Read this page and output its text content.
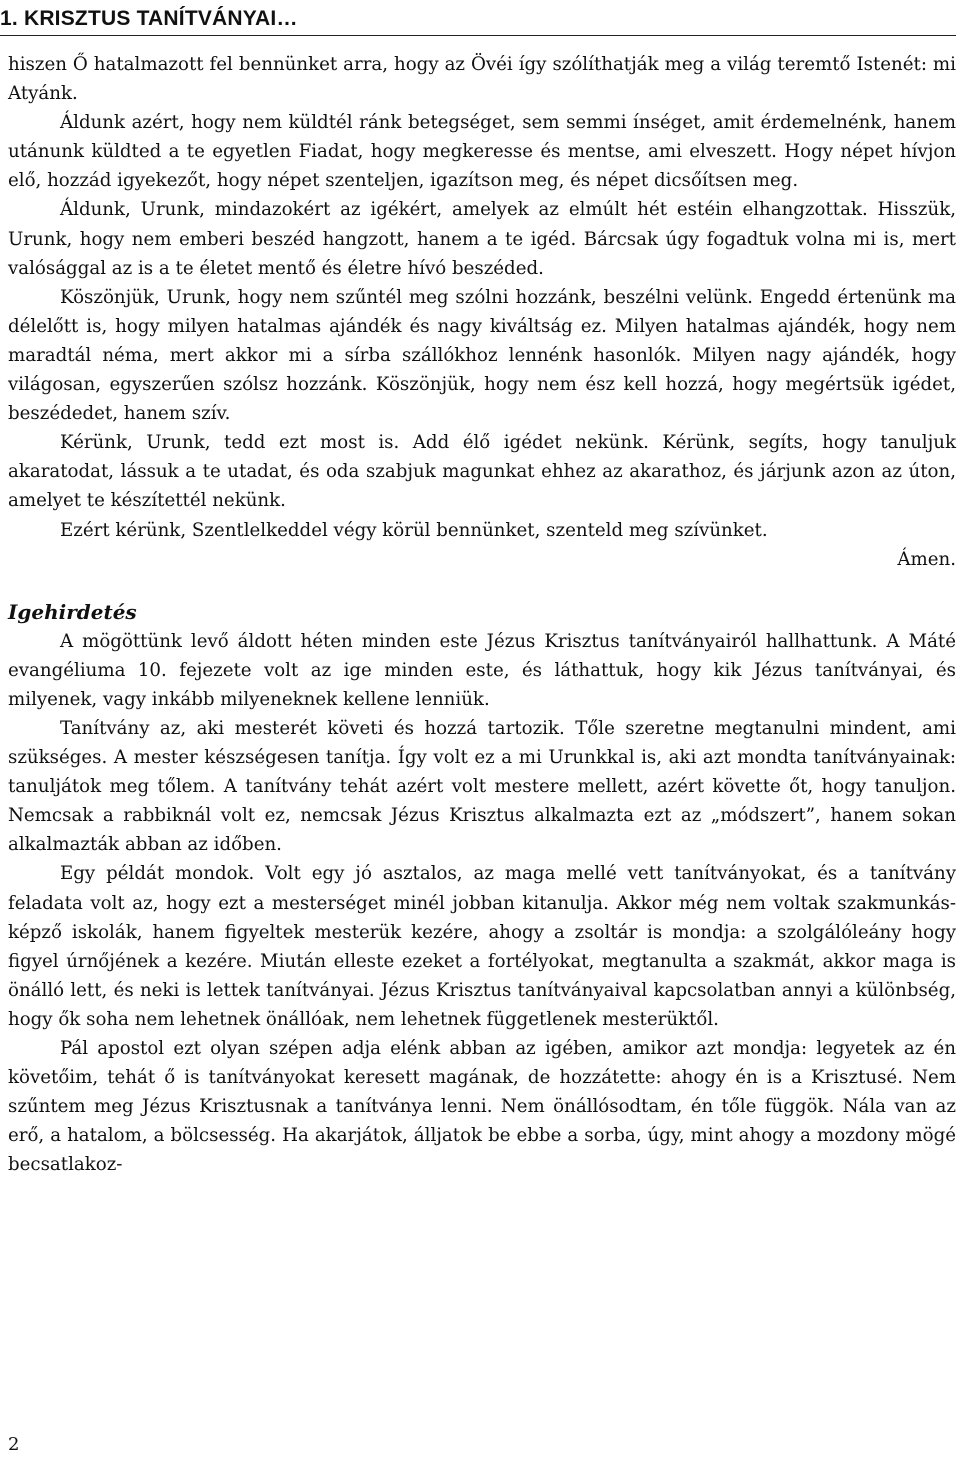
1. KRISZTUS TANÍTVÁNYAI…

hiszen Ő hatalmazott fel bennünket arra, hogy az Övéi így szólíthatják meg a világ teremtő Istenét: mi Atyánk.

Áldunk azért, hogy nem küldtél ránk betegséget, sem semmi ínséget, amit érdemelnénk, hanem utánunk küldted a te egyetlen Fiadat, hogy megkeresse és mentse, ami elveszett. Hogy népet hívjon elő, hozzád igyekezőt, hogy népet szenteljen, igazítson meg, és népet dicsőítsen meg.

Áldunk, Urunk, mindazokért az igékért, amelyek az elmúlt hét estéin elhangzottak. Hisszük, Urunk, hogy nem emberi beszéd hangzott, hanem a te igéd. Bárcsak úgy fogadtuk volna mi is, mert valósággal az is a te életet mentő és életre hívó beszéded.

Köszönjük, Urunk, hogy nem szűntél meg szólni hozzánk, beszélni velünk. Engedd értenünk ma délelőtt is, hogy milyen hatalmas ajándék és nagy kiváltság ez. Milyen hatalmas ajándék, hogy nem maradtál néma, mert akkor mi a sírba szállókhoz lennénk hasonlók. Milyen nagy ajándék, hogy világosan, egyszerűen szólsz hozzánk. Köszönjük, hogy nem ész kell hozzá, hogy megértsük igédet, beszédedet, hanem szív.

Kérünk, Urunk, tedd ezt most is. Add élő igédet nekünk. Kérünk, segíts, hogy tanuljuk akaratodat, lássuk a te utadat, és oda szabjuk magunkat ehhez az akarathoz, és járjunk azon az úton, amelyet te készítettél nekünk.

Ezért kérünk, Szentlelkeddel végy körül bennünket, szenteld meg szívünket.

Ámen.

Igehirdetés

A mögöttünk levő áldott héten minden este Jézus Krisztus tanítványairól hallhattunk. A Máté evangéliuma 10. fejezete volt az ige minden este, és láthattuk, hogy kik Jézus tanítványai, és milyenek, vagy inkább milyeneknek kellene lenniük.

Tanítvány az, aki mesterét követi és hozzá tartozik. Tőle szeretne megtanulni mindent, ami szükséges. A mester készségesen tanítja. Így volt ez a mi Urunkkal is, aki azt mondta tanítványainak: tanuljátok meg tőlem. A tanítvány tehát azért volt mestere mellett, azért követte őt, hogy tanuljon. Nemcsak a rabbiknál volt ez, nemcsak Jézus Krisztus alkalmazta ezt az „módszert”, hanem sokan alkalmazták abban az időben.

Egy példát mondok. Volt egy jó asztalos, az maga mellé vett tanítványokat, és a tanítvány feladata volt az, hogy ezt a mesterséget minél jobban kitanulja. Akkor még nem voltak szakmunkás-képző iskolák, hanem figyeltek mesterük kezére, ahogy a zsoltár is mondja: a szolgálóleány hogy figyel úrnőjének a kezére. Miután elleste ezeket a fortélyokat, megtanulta a szakmát, akkor maga is önálló lett, és neki is lettek tanítványai. Jézus Krisztus tanítványaival kapcsolatban annyi a különbség, hogy ők soha nem lehetnek önállóak, nem lehetnek függetlenek mesterüktől.

Pál apostol ezt olyan szépen adja elénk abban az igében, amikor azt mondja: legyetek az én követőim, tehát ő is tanítványokat keresett magának, de hozzátette: ahogy én is a Krisztusé. Nem szűntem meg Jézus Krisztusnak a tanítványa lenni. Nem önállósodtam, én tőle függök. Nála van az erő, a hatalom, a bölcsesség. Ha akarjátok, álljatok be ebbe a sorba, úgy, mint ahogy a mozdony mögé becsatlakoz-

2
